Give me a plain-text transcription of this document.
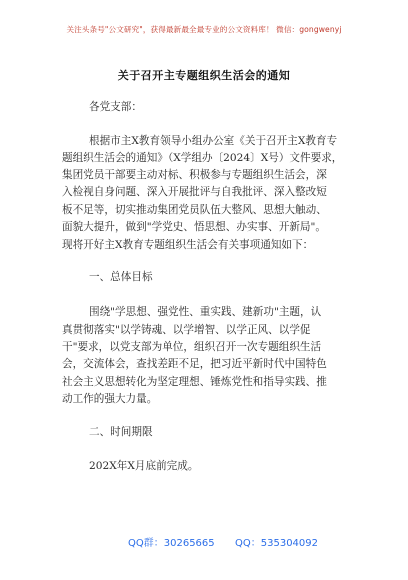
关注头条号"公文研究"，获得最新最全最专业的公文资料库！ 微信：gongwenyj
关于召开主专题组织生活会的通知
各党支部：
根据市主X教育领导小组办公室《关于召开主X教育专
题组织生活会的通知》（X学组办〔2024〕X号）文件要求，
集团党员干部要主动对标、积极参与专题组织生活会，深
入检视自身问题、深入开展批评与自我批评、深入整改短
板不足等，切实推动集团党员队伍大整风、思想大触动、
面貌大提升，做到"学党史、悟思想、办实事、开新局"。
现将开好主X教育专题组织生活会有关事项通知如下：
一、总体目标
围绕"学思想、强党性、重实践、建新功"主题，认
真贯彻落实"以学铸魂、以学增智、以学正风、以学促
干"要求，以党支部为单位，组织召开一次专题组织生活
会，交流体会，查找差距不足，把习近平新时代中国特色
社会主义思想转化为坚定理想、锤炼党性和指导实践、推
动工作的强大力量。
二、时间期限
202X年X月底前完成。
QQ群：30265665 QQ：535304092
